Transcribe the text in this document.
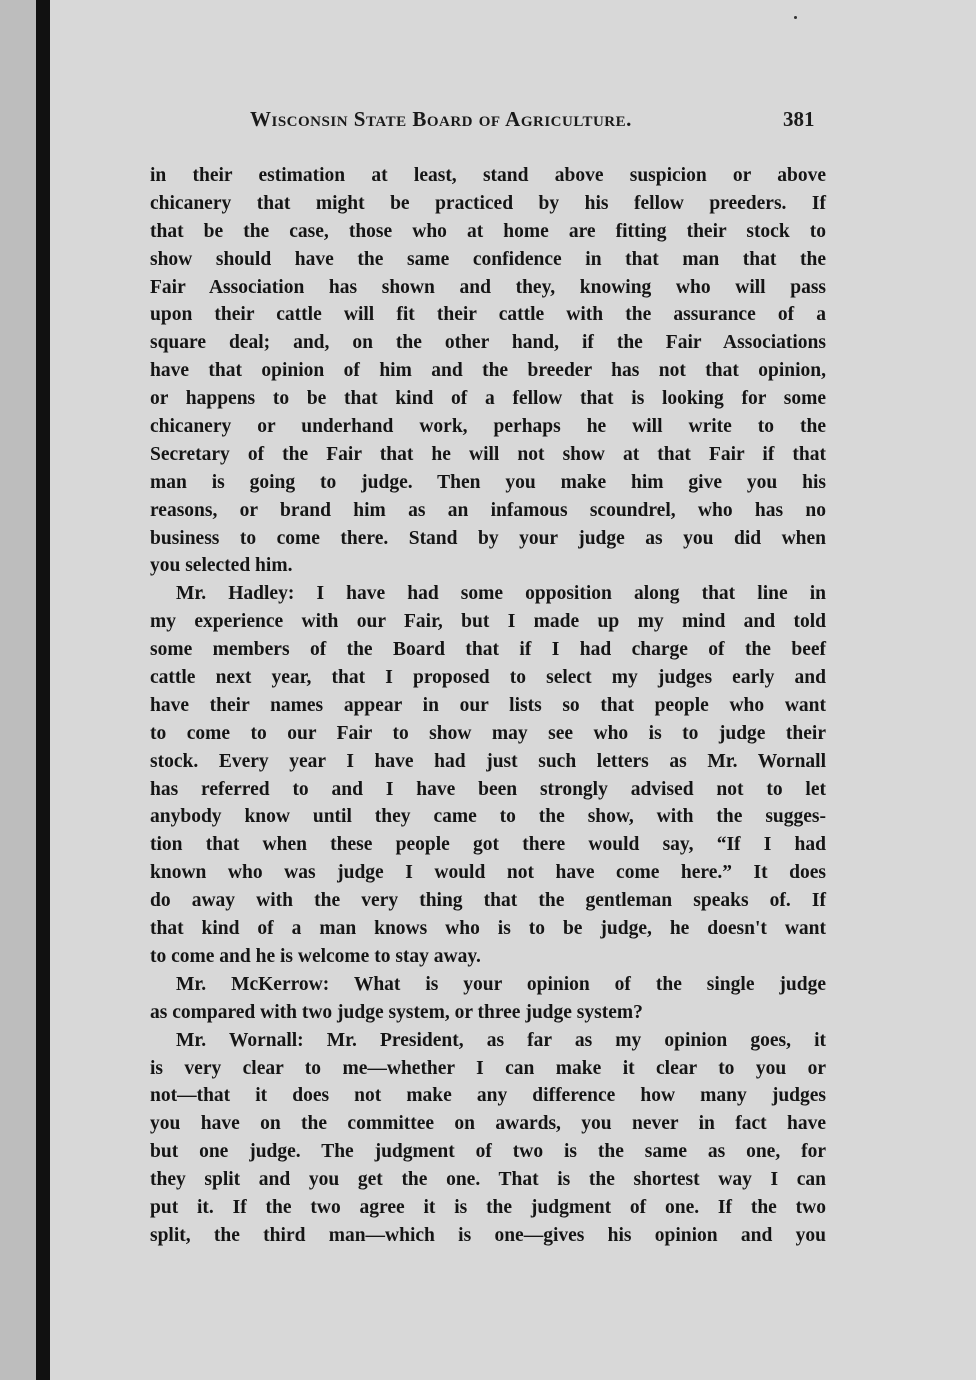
Wisconsin State Board of Agriculture.	381
in their estimation at least, stand above suspicion or above
chicanery that might be practiced by his fellow preeders. If
that be the case, those who at home are fitting their stock to
show should have the same confidence in that man that the
Fair Association has shown and they, knowing who will pass
upon their cattle will fit their cattle with the assurance of a
square deal; and, on the other hand, if the Fair Associations
have that opinion of him and the breeder has not that opinion,
or happens to be that kind of a fellow that is looking for some
chicanery or underhand work, perhaps he will write to the
Secretary of the Fair that he will not show at that Fair if that
man is going to judge. Then you make him give you his
reasons, or brand him as an infamous scoundrel, who has no
business to come there. Stand by your judge as you did when
you selected him.
Mr. Hadley: I have had some opposition along that line in
my experience with our Fair, but I made up my mind and told
some members of the Board that if I had charge of the beef
cattle next year, that I proposed to select my judges early and
have their names appear in our lists so that people who want
to come to our Fair to show may see who is to judge their
stock. Every year I have had just such letters as Mr. Wornall
has referred to and I have been strongly advised not to let
anybody know until they came to the show, with the sugges-
tion that when these people got there would say, “If I had
known who was judge I would not have come here.” It does
do away with the very thing that the gentleman speaks of. If
that kind of a man knows who is to be judge, he doesn't want
to come and he is welcome to stay away.
Mr. McKerrow: What is your opinion of the single judge
as compared with two judge system, or three judge system?
Mr. Wornall: Mr. President, as far as my opinion goes, it
is very clear to me—whether I can make it clear to you or
not—that it does not make any difference how many judges
you have on the committee on awards, you never in fact have
but one judge. The judgment of two is the same as one, for
they split and you get the one. That is the shortest way I can
put it. If the two agree it is the judgment of one. If the two
split, the third man—which is one—gives his opinion and you
